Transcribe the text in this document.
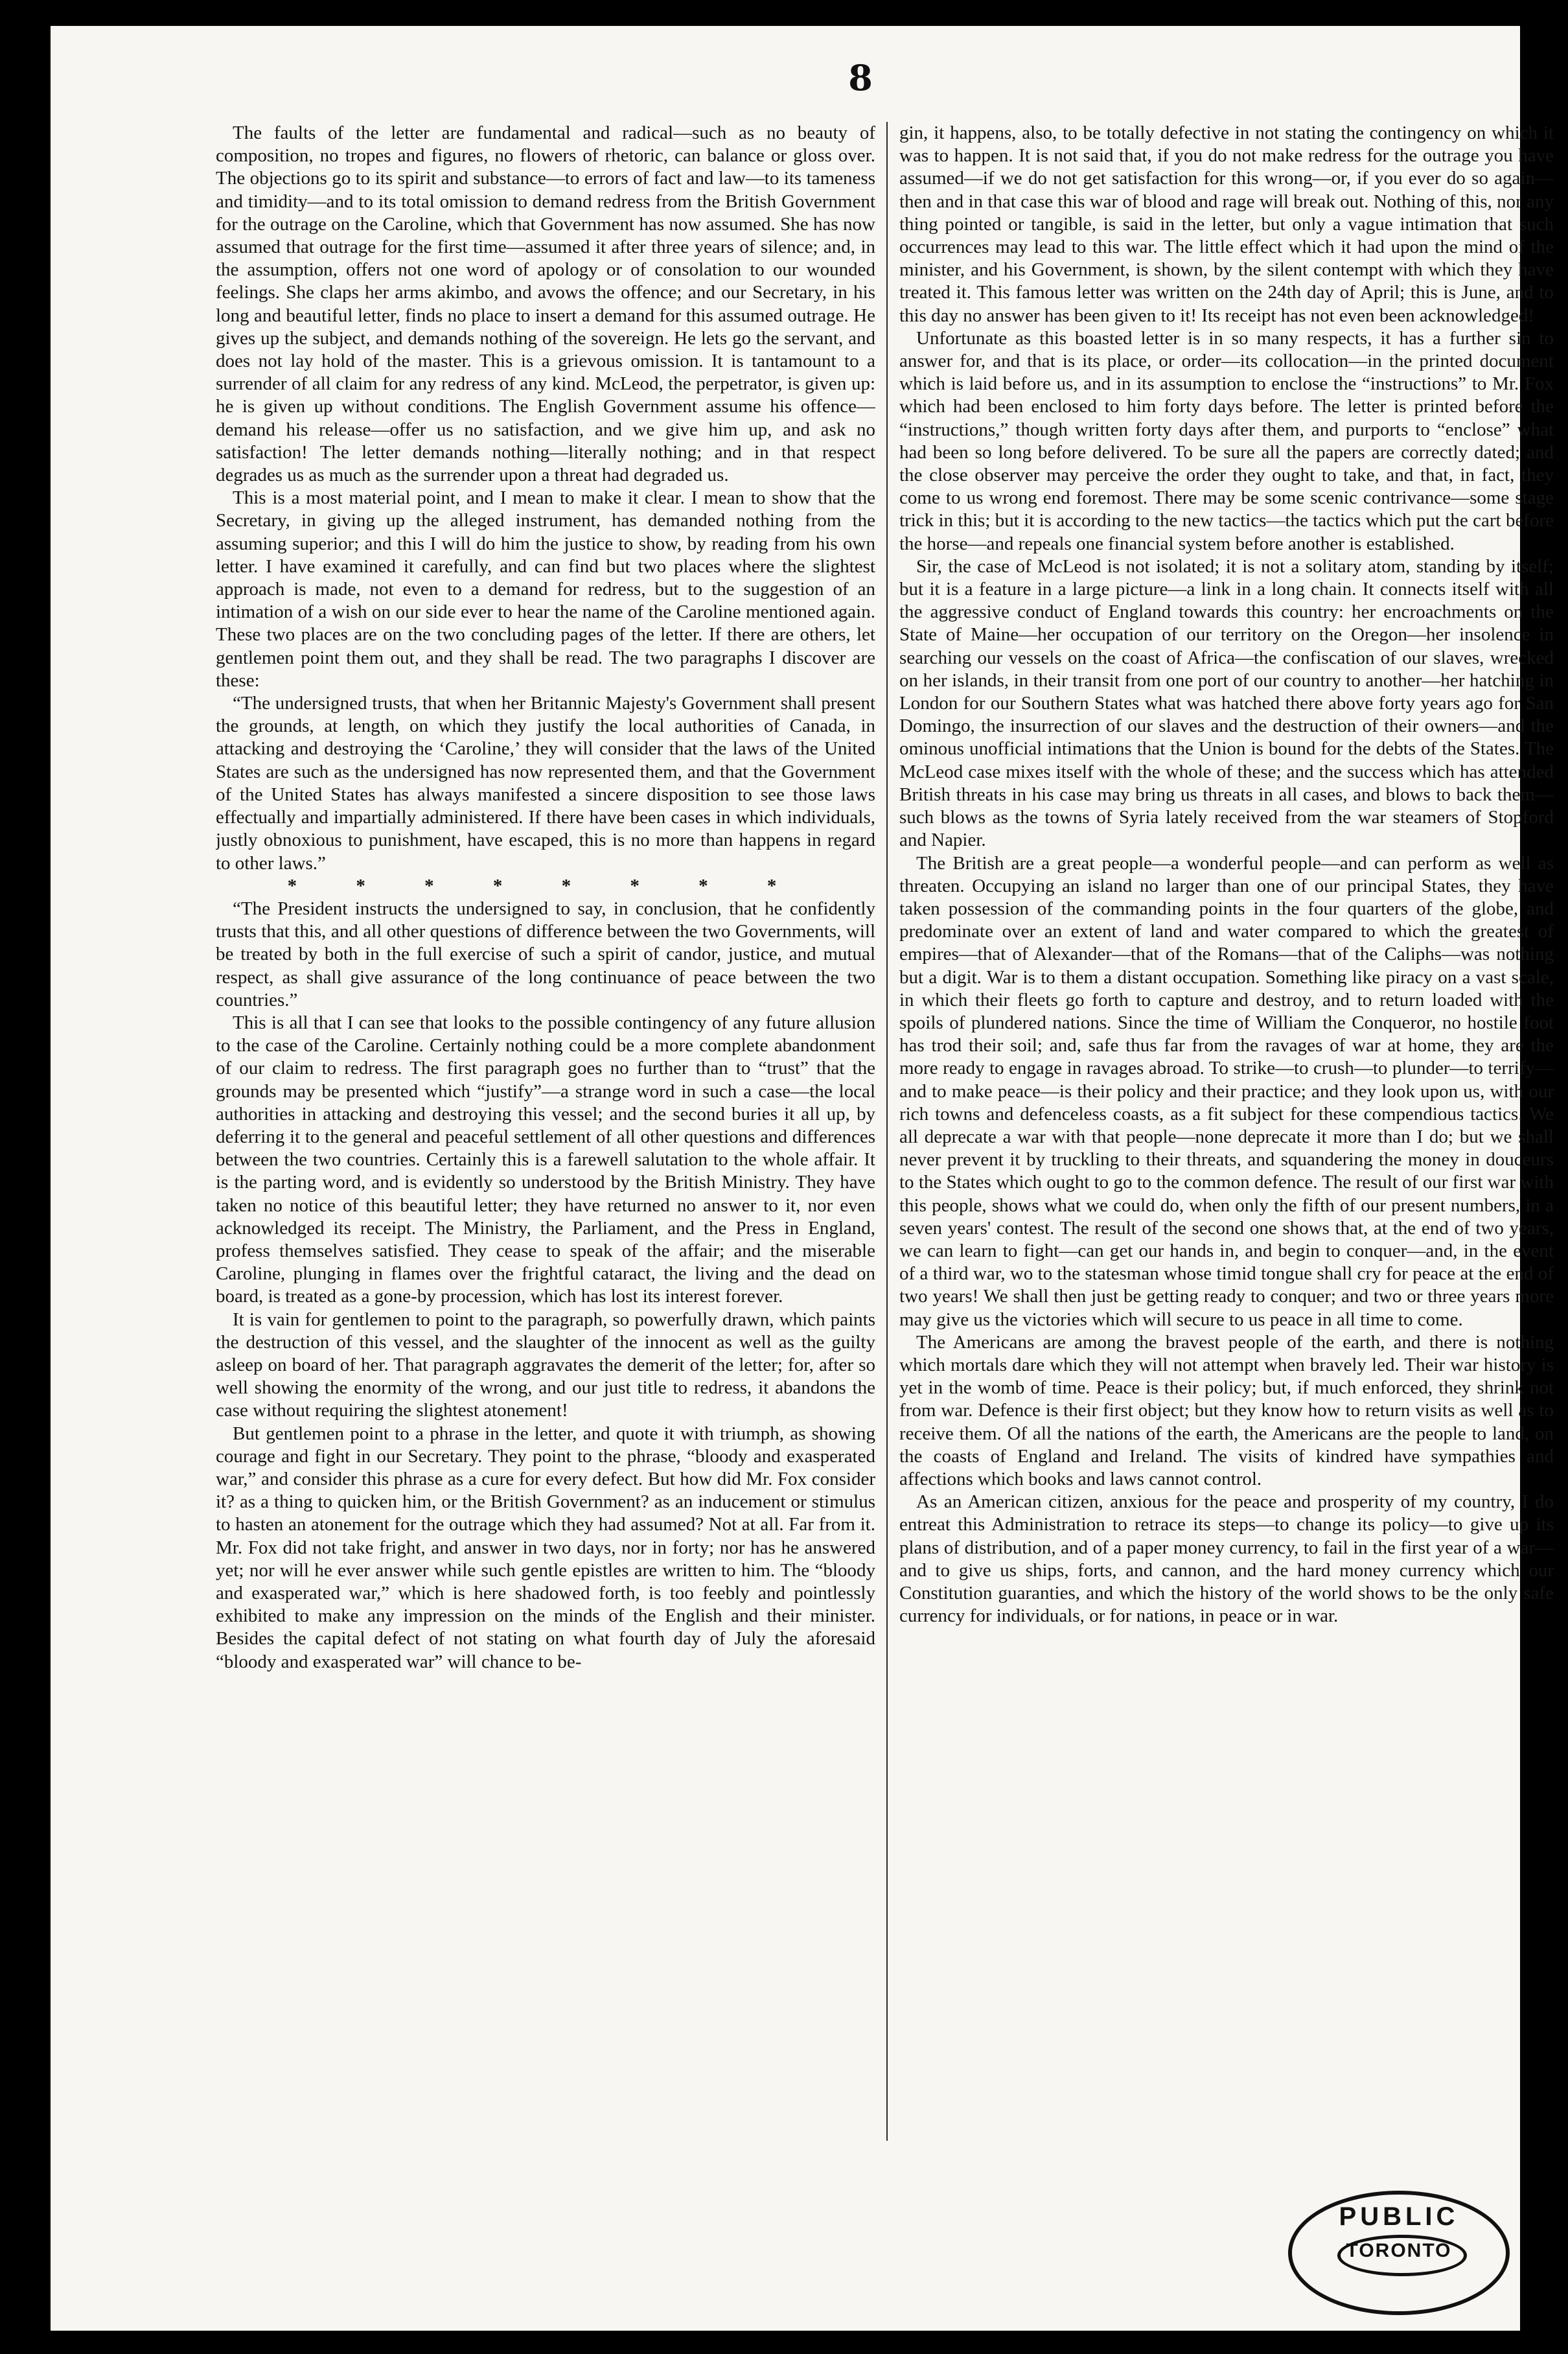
8

The faults of the letter are fundamental and radical—such as no beauty of composition, no tropes and figures, no flowers of rhetoric, can balance or gloss over. The objections go to its spirit and substance—to errors of fact and law—to its tameness and timidity—and to its total omission to demand redress from the British Government for the outrage on the Caroline, which that Government has now assumed. She has now assumed that outrage for the first time—assumed it after three years of silence; and, in the assumption, offers not one word of apology or of consolation to our wounded feelings. She claps her arms akimbo, and avows the offence; and our Secretary, in his long and beautiful letter, finds no place to insert a demand for this assumed outrage. He gives up the subject, and demands nothing of the sovereign. He lets go the servant, and does not lay hold of the master. This is a grievous omission. It is tantamount to a surrender of all claim for any redress of any kind. McLeod, the perpetrator, is given up: he is given up without conditions. The English Government assume his offence—demand his release—offer us no satisfaction, and we give him up, and ask no satisfaction! The letter demands nothing—literally nothing; and in that respect degrades us as much as the surrender upon a threat had degraded us.

This is a most material point, and I mean to make it clear. I mean to show that the Secretary, in giving up the alleged instrument, has demanded nothing from the assuming superior; and this I will do him the justice to show, by reading from his own letter. I have examined it carefully, and can find but two places where the slightest approach is made, not even to a demand for redress, but to the suggestion of an intimation of a wish on our side ever to hear the name of the Caroline mentioned again. These two places are on the two concluding pages of the letter. If there are others, let gentlemen point them out, and they shall be read. The two paragraphs I discover are these:

“The undersigned trusts, that when her Britannic Majesty's Government shall present the grounds, at length, on which they justify the local authorities of Canada, in attacking and destroying the ‘Caroline,’ they will consider that the laws of the United States are such as the undersigned has now represented them, and that the Government of the United States has always manifested a sincere disposition to see those laws effectually and impartially administered. If there have been cases in which individuals, justly obnoxious to punishment, have escaped, this is no more than happens in regard to other laws.”

* * * * * * * *

“The President instructs the undersigned to say, in conclusion, that he confidently trusts that this, and all other questions of difference between the two Governments, will be treated by both in the full exercise of such a spirit of candor, justice, and mutual respect, as shall give assurance of the long continuance of peace between the two countries.”

This is all that I can see that looks to the possible contingency of any future allusion to the case of the Caroline. Certainly nothing could be a more complete abandonment of our claim to redress. The first paragraph goes no further than to “trust” that the grounds may be presented which “justify”—a strange word in such a case—the local authorities in attacking and destroying this vessel; and the second buries it all up, by deferring it to the general and peaceful settlement of all other questions and differences between the two countries. Certainly this is a farewell salutation to the whole affair. It is the parting word, and is evidently so understood by the British Ministry. They have taken no notice of this beautiful letter; they have returned no answer to it, nor even acknowledged its receipt. The Ministry, the Parliament, and the Press in England, profess themselves satisfied. They cease to speak of the affair; and the miserable Caroline, plunging in flames over the frightful cataract, the living and the dead on board, is treated as a gone-by procession, which has lost its interest forever.

It is vain for gentlemen to point to the paragraph, so powerfully drawn, which paints the destruction of this vessel, and the slaughter of the innocent as well as the guilty asleep on board of her. That paragraph aggravates the demerit of the letter; for, after so well showing the enormity of the wrong, and our just title to redress, it abandons the case without requiring the slightest atonement!

But gentlemen point to a phrase in the letter, and quote it with triumph, as showing courage and fight in our Secretary. They point to the phrase, “bloody and exasperated war,” and consider this phrase as a cure for every defect. But how did Mr. Fox consider it? as a thing to quicken him, or the British Government? as an inducement or stimulus to hasten an atonement for the outrage which they had assumed? Not at all. Far from it. Mr. Fox did not take fright, and answer in two days, nor in forty; nor has he answered yet; nor will he ever answer while such gentle epistles are written to him. The “bloody and exasperated war,” which is here shadowed forth, is too feebly and pointlessly exhibited to make any impression on the minds of the English and their minister. Besides the capital defect of not stating on what fourth day of July the aforesaid “bloody and exasperated war” will chance to be-

gin, it happens, also, to be totally defective in not stating the contingency on which it was to happen. It is not said that, if you do not make redress for the outrage you have assumed—if we do not get satisfaction for this wrong—or, if you ever do so again—then and in that case this war of blood and rage will break out. Nothing of this, nor any thing pointed or tangible, is said in the letter, but only a vague intimation that such occurrences may lead to this war. The little effect which it had upon the mind of the minister, and his Government, is shown, by the silent contempt with which they have treated it. This famous letter was written on the 24th day of April; this is June, and to this day no answer has been given to it! Its receipt has not even been acknowledged!

Unfortunate as this boasted letter is in so many respects, it has a further sin to answer for, and that is its place, or order—its collocation—in the printed document which is laid before us, and in its assumption to enclose the “instructions” to Mr. Fox which had been enclosed to him forty days before. The letter is printed before the “instructions,” though written forty days after them, and purports to “enclose” what had been so long before delivered. To be sure all the papers are correctly dated; and the close observer may perceive the order they ought to take, and that, in fact, they come to us wrong end foremost. There may be some scenic contrivance—some stage trick in this; but it is according to the new tactics—the tactics which put the cart before the horse—and repeals one financial system before another is established.

Sir, the case of McLeod is not isolated; it is not a solitary atom, standing by itself; but it is a feature in a large picture—a link in a long chain. It connects itself with all the aggressive conduct of England towards this country: her encroachments on the State of Maine—her occupation of our territory on the Oregon—her insolence in searching our vessels on the coast of Africa—the confiscation of our slaves, wrecked on her islands, in their transit from one port of our country to another—her hatching in London for our Southern States what was hatched there above forty years ago for San Domingo, the insurrection of our slaves and the destruction of their owners—and the ominous unofficial intimations that the Union is bound for the debts of the States. The McLeod case mixes itself with the whole of these; and the success which has attended British threats in his case may bring us threats in all cases, and blows to back them—such blows as the towns of Syria lately received from the war steamers of Stopford and Napier.

The British are a great people—a wonderful people—and can perform as well as threaten. Occupying an island no larger than one of our principal States, they have taken possession of the commanding points in the four quarters of the globe, and predominate over an extent of land and water compared to which the greatest of empires—that of Alexander—that of the Romans—that of the Caliphs—was nothing but a digit. War is to them a distant occupation. Something like piracy on a vast scale, in which their fleets go forth to capture and destroy, and to return loaded with the spoils of plundered nations. Since the time of William the Conqueror, no hostile foot has trod their soil; and, safe thus far from the ravages of war at home, they are the more ready to engage in ravages abroad. To strike—to crush—to plunder—to terrify—and to make peace—is their policy and their practice; and they look upon us, with our rich towns and defenceless coasts, as a fit subject for these compendious tactics. We all deprecate a war with that people—none deprecate it more than I do; but we shall never prevent it by truckling to their threats, and squandering the money in douceurs to the States which ought to go to the common defence. The result of our first war with this people, shows what we could do, when only the fifth of our present numbers, in a seven years' contest. The result of the second one shows that, at the end of two years, we can learn to fight—can get our hands in, and begin to conquer—and, in the event of a third war, wo to the statesman whose timid tongue shall cry for peace at the end of two years! We shall then just be getting ready to conquer; and two or three years more may give us the victories which will secure to us peace in all time to come.

The Americans are among the bravest people of the earth, and there is nothing which mortals dare which they will not attempt when bravely led. Their war history is yet in the womb of time. Peace is their policy; but, if much enforced, they shrink not from war. Defence is their first object; but they know how to return visits as well as to receive them. Of all the nations of the earth, the Americans are the people to land, on the coasts of England and Ireland. The visits of kindred have sympathies and affections which books and laws cannot control.

As an American citizen, anxious for the peace and prosperity of my country, I do entreat this Administration to retrace its steps—to change its policy—to give up its plans of distribution, and of a paper money currency, to fail in the first year of a war—and to give us ships, forts, and cannon, and the hard money currency which our Constitution guaranties, and which the history of the world shows to be the only safe currency for individuals, or for nations, in peace or in war.

PUBLIC
TORONTO
